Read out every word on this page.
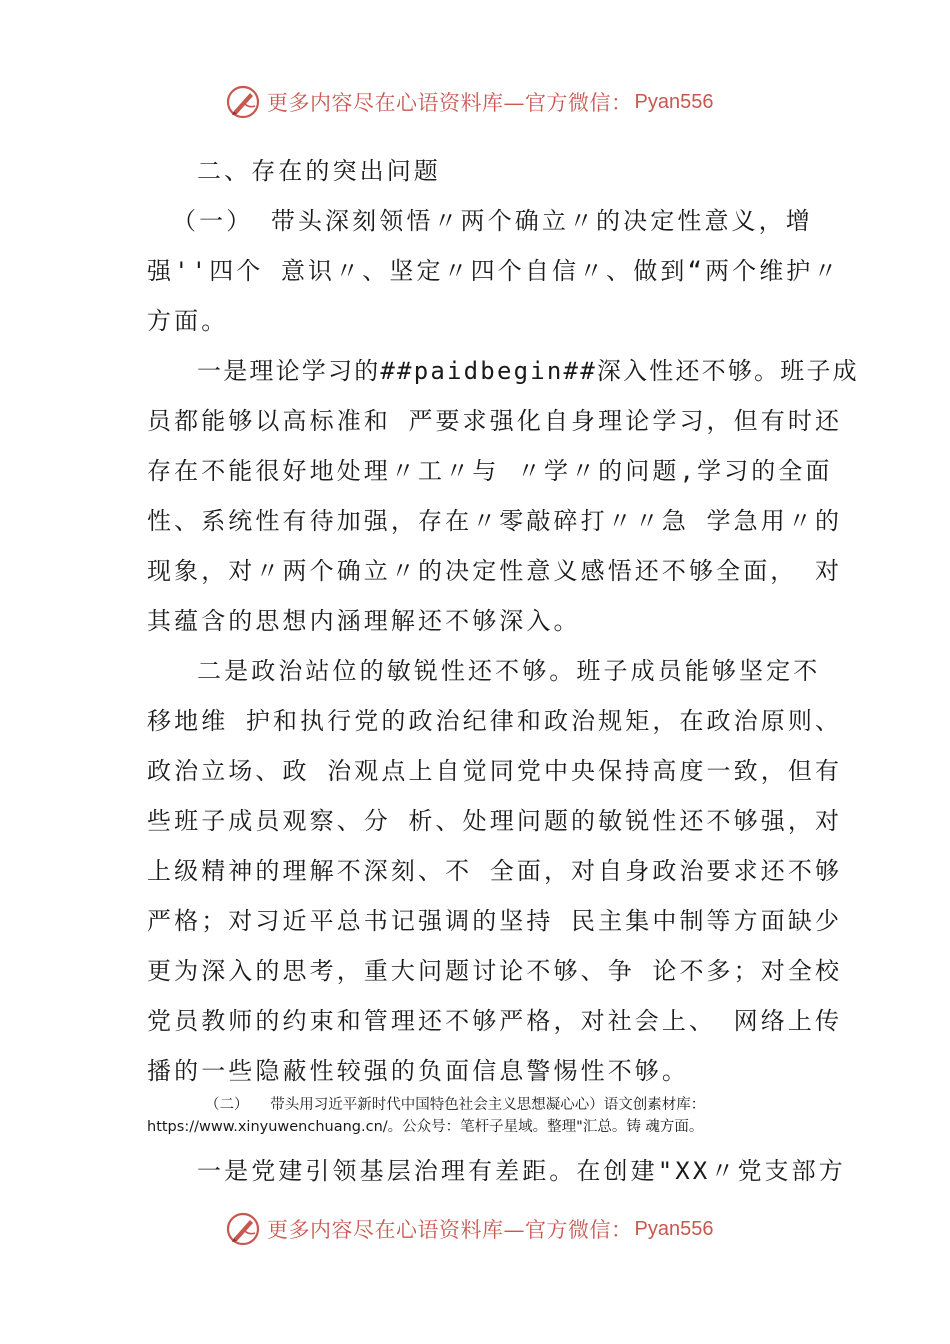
更多内容尽在心语资料库—官方微信： Pyan556
二、存在的突出问题
（一） 带头深刻领悟〃两个确立〃的决定性意义，增
强''四个 意识〃、坚定〃四个自信〃、做到“两个维护〃
方面。
一是理论学习的##paidbegin##深入性还不够。班子成
员都能够以高标准和 严要求强化自身理论学习，但有时还
存在不能很好地处理〃工〃与 〃学〃的问题,学习的全面
性、系统性有待加强，存在〃零敲碎打〃〃急 学急用〃的
现象，对〃两个确立〃的决定性意义感悟还不够全面， 对
其蕴含的思想内涵理解还不够深入。
二是政治站位的敏锐性还不够。班子成员能够坚定不
移地维 护和执行党的政治纪律和政治规矩，在政治原则、
政治立场、政 治观点上自觉同党中央保持高度一致，但有
些班子成员观察、分 析、处理问题的敏锐性还不够强，对
上级精神的理解不深刻、不 全面，对自身政治要求还不够
严格；对习近平总书记强调的坚持 民主集中制等方面缺少
更为深入的思考，重大问题讨论不够、争 论不多；对全校
党员教师的约束和管理还不够严格，对社会上、 网络上传
播的一些隐蔽性较强的负面信息警惕性不够。
（二）　　带头用习近平新时代中国特色社会主义思想凝心心）语文创素材库：
https://www.xinyuwenchuang.cn/。公众号：笔杆子星域。整理"汇总。铸 魂方面。
一是党建引领基层治理有差距。在创建"XX〃党支部方
更多内容尽在心语资料库—官方微信： Pyan556
